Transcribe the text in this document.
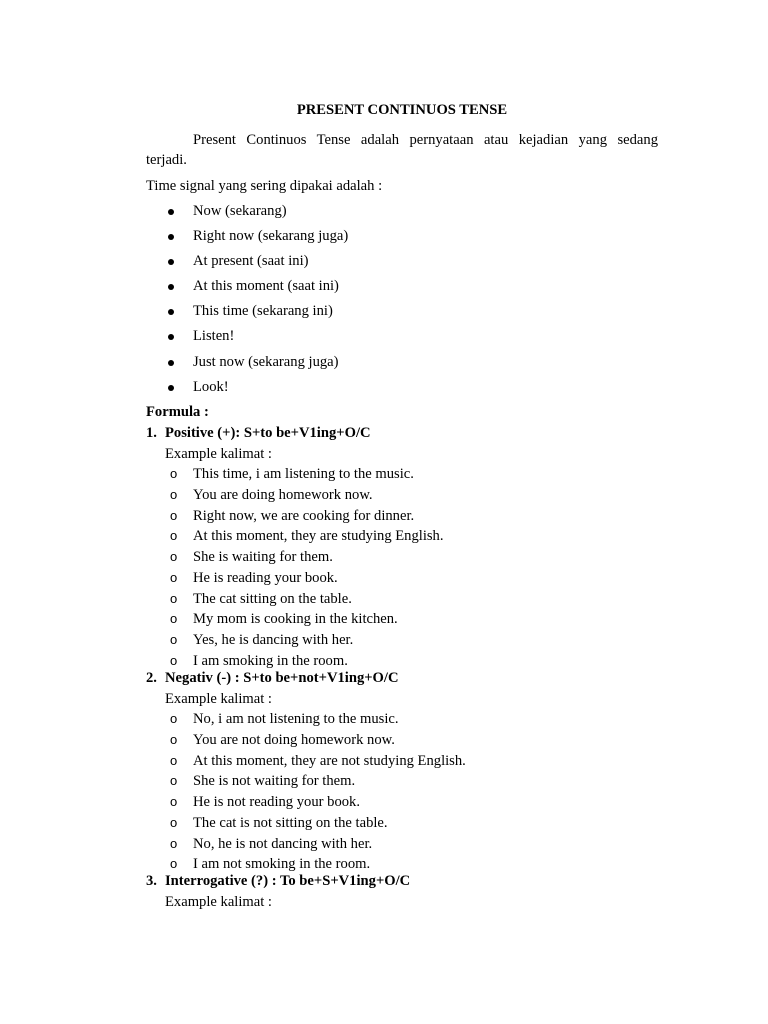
PRESENT CONTINUOS TENSE
Present Continuos Tense adalah pernyataan atau kejadian yang sedang
terjadi.
Time signal yang sering dipakai adalah :
Now (sekarang)
Right now (sekarang juga)
At present (saat ini)
At this moment (saat ini)
This time (sekarang ini)
Listen!
Just now (sekarang juga)
Look!
Formula :
1. Positive (+): S+to be+V1ing+O/C
Example kalimat :
o This time, i am listening to the music.
o You are doing homework now.
o Right now, we are cooking for dinner.
o At this moment, they are studying English.
o She is waiting for them.
o He is reading your book.
o The cat sitting on the table.
o My mom is cooking in the kitchen.
o Yes, he is dancing with her.
o I am smoking in the room.
2. Negativ (-) : S+to be+not+V1ing+O/C
Example kalimat :
o No, i am not listening to the music.
o You are not doing homework now.
o At this moment, they are not studying English.
o She is not waiting for them.
o He is not reading your book.
o The cat is not sitting on the table.
o No, he is not dancing with her.
o I am not smoking in the room.
3. Interrogative (?) : To be+S+V1ing+O/C
Example kalimat :
